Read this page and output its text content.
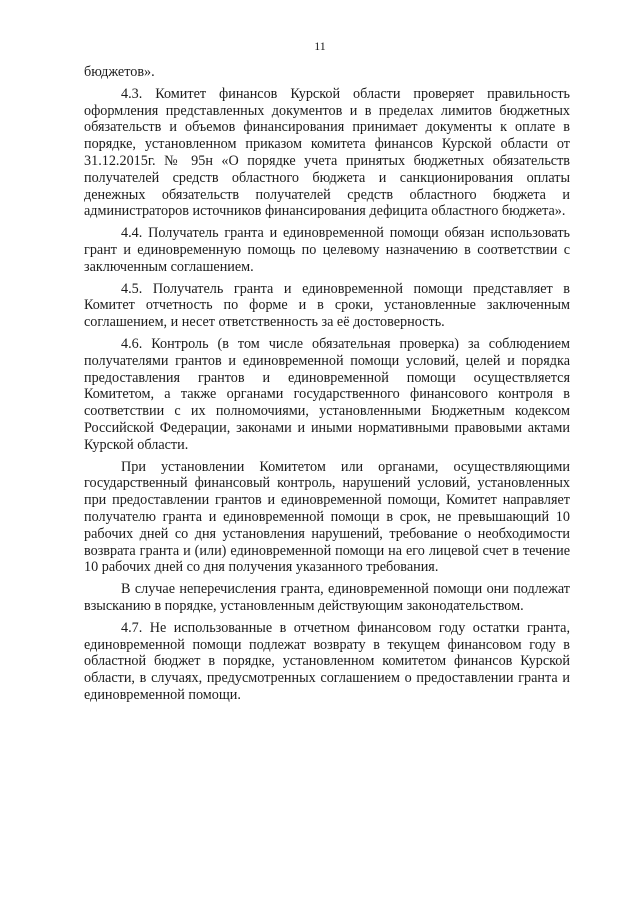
11

бюджетов».

4.3. Комитет финансов Курской области проверяет правильность оформления представленных документов и в пределах лимитов бюджетных обязательств и объемов финансирования принимает документы к оплате в порядке, установленном приказом комитета финансов Курской области от 31.12.2015г. № 95н «О порядке учета принятых бюджетных обязательств получателей средств областного бюджета и санкционирования оплаты денежных обязательств получателей средств областного бюджета и администраторов источников финансирования дефицита областного бюджета».

4.4. Получатель гранта и единовременной помощи обязан использовать грант и единовременную помощь по целевому назначению в соответствии с заключенным соглашением.

4.5. Получатель гранта и единовременной помощи представляет в Комитет отчетность по форме и в сроки, установленные заключенным соглашением, и несет ответственность за её достоверность.

4.6. Контроль (в том числе обязательная проверка) за соблюдением получателями грантов и единовременной помощи условий, целей и порядка предоставления грантов и единовременной помощи осуществляется Комитетом, а также органами государственного финансового контроля в соответствии с их полномочиями, установленными Бюджетным кодексом Российской Федерации, законами и иными нормативными правовыми актами Курской области.

При установлении Комитетом или органами, осуществляющими государственный финансовый контроль, нарушений условий, установленных при предоставлении грантов и единовременной помощи, Комитет направляет получателю гранта и единовременной помощи в срок, не превышающий 10 рабочих дней со дня установления нарушений, требование о необходимости возврата гранта и (или) единовременной помощи на его лицевой счет в течение 10 рабочих дней со дня получения указанного требования.

В случае неперечисления гранта, единовременной помощи они подлежат взысканию в порядке, установленным действующим законодательством.

4.7. Не использованные в отчетном финансовом году остатки гранта, единовременной помощи подлежат возврату в текущем финансовом году в областной бюджет в порядке, установленном комитетом финансов Курской области, в случаях, предусмотренных соглашением о предоставлении гранта и единовременной помощи.
